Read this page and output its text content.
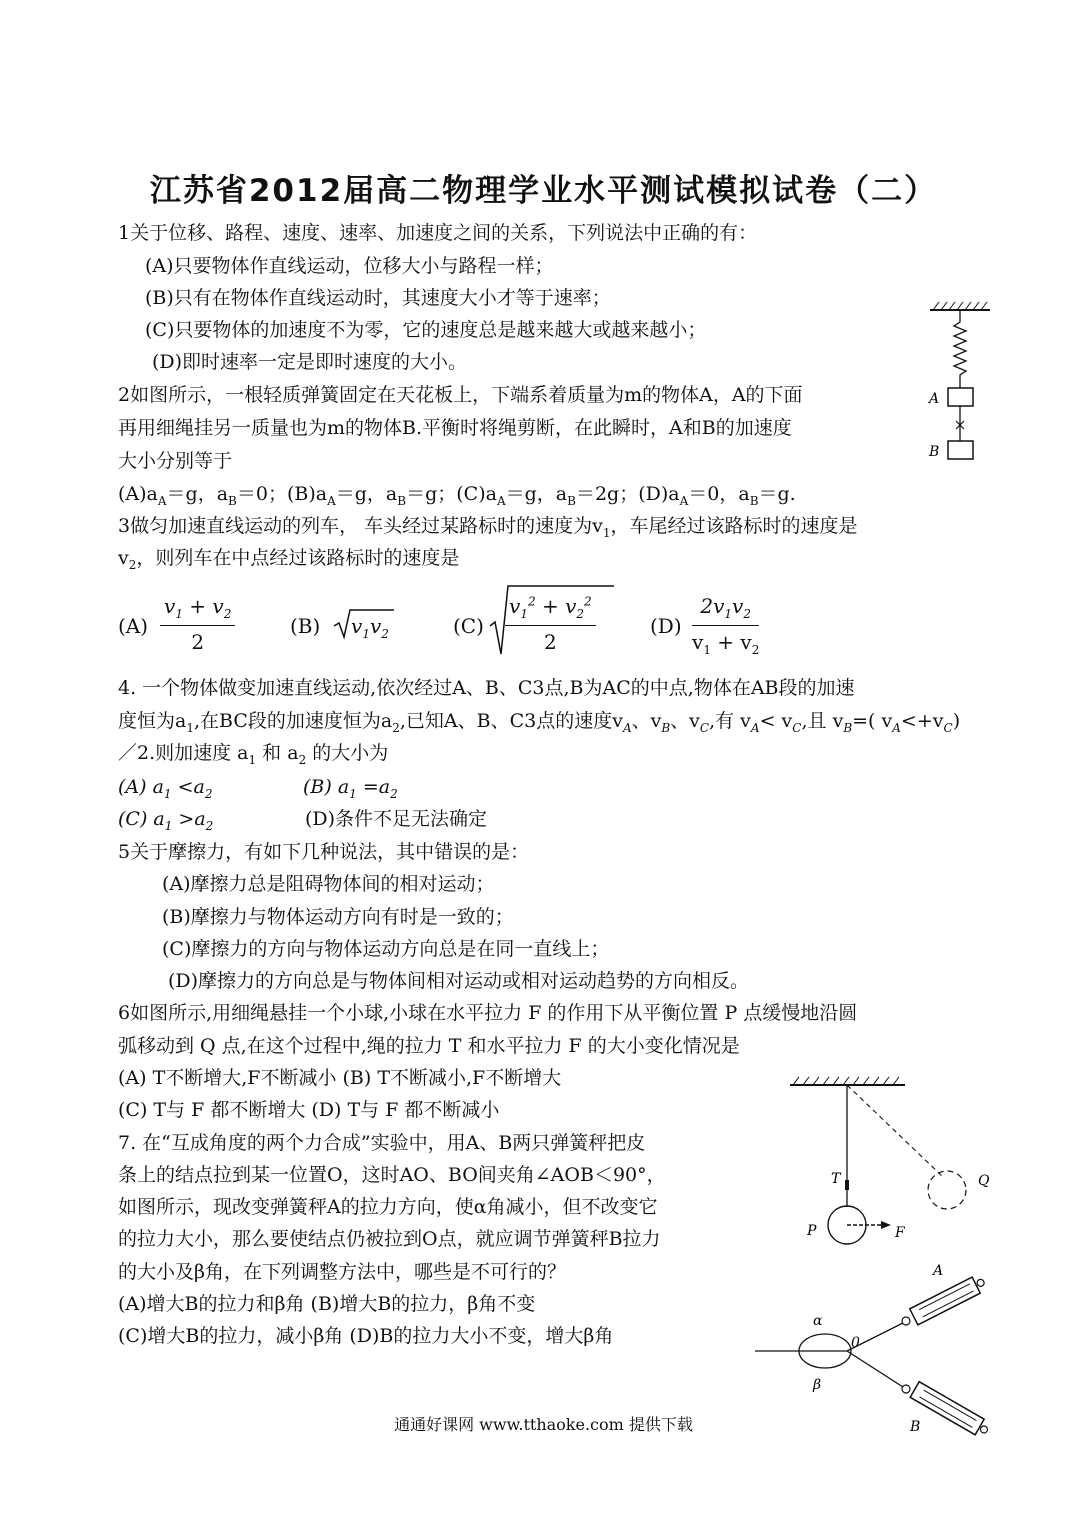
江苏省2012届高二物理学业水平测试模拟试卷（二）
1关于位移、路程、速度、速率、加速度之间的关系，下列说法中正确的有：
(A)只要物体作直线运动，位移大小与路程一样；
(B)只有在物体作直线运动时，其速度大小才等于速率；
(C)只要物体的加速度不为零，它的速度总是越来越大或越来越小；
(D)即时速率一定是即时速度的大小。
2如图所示，一根轻质弹簧固定在天花板上，下端系着质量为m的物体A，A的下面
再用细绳挂另一质量也为m的物体B.平衡时将绳剪断，在此瞬时，A和B的加速度
大小分别等于
$(A)a_A=g$，$a_B=0$；$(B)a_A=g$，$a_B=g$；$(C)a_A=g$，$a_B=2g$；$(D)a_A=0$，$a_B=g$.
A
B
3做匀加速直线运动的列车， 车头经过某路标时的速度为$v_1$，车尾经过该路标时的速度是
$v_2$，则列车在中点经过该路标时的速度是
$(A) \frac{v_1 + v_2}{2}$	(B) $v_1v_2$	$(C) \frac{v_1^2 + v_2^2}{2}$	$(D) \frac{2v_1v_2}{v_1 + v_2}$
4. 一个物体做变加速直线运动,依次经过A、B、C3点,B为AC的中点,物体在AB段的加速
度恒为$a_1$,在BC段的加速度恒为$a_2$,已知A、B、C3点的速度$v_A$、$v_B$、$v_C$,有 $v_A< v_C$,且 $v_B=$( $v_A<+v_C$)
／2.则加速度 $a_1$ 和 $a_2$ 的大小为
(A) $a_1 <a_2$	(B) $a_1 =a_2$
(C) $a_1 >a_2$	(D)条件不足无法确定
5关于摩擦力，有如下几种说法，其中错误的是：
(A)摩擦力总是阻碍物体间的相对运动；
(B)摩擦力与物体运动方向有时是一致的；
(C)摩擦力的方向与物体运动方向总是在同一直线上；
(D)摩擦力的方向总是与物体间相对运动或相对运动趋势的方向相反。
6如图所示,用细绳悬挂一个小球,小球在水平拉力 F 的作用下从平衡位置 P 点缓慢地沿圆
弧移动到 Q 点,在这个过程中,绳的拉力 T 和水平拉力 F 的大小变化情况是
(A) T不断增大,F不断减小 (B) T不断减小,F不断增大
(C) T与 F 都不断增大 (D) T与 F 都不断减小
T
P	F
Q
7. 在“互成角度的两个力合成”实验中，用A、B两只弹簧秤把皮
条上的结点拉到某一位置O，这时AO、BO间夹角∠AOB＜90°，
如图所示，现改变弹簧秤A的拉力方向，使α角减小，但不改变它
的拉力大小，那么要使结点仍被拉到O点，就应调节弹簧秤B拉力
的大小及β角，在下列调整方法中，哪些是不可行的？
(A)增大B的拉力和β角 (B)增大B的拉力，β角不变
(C)增大B的拉力，减小β角 (D)B的拉力大小不变，增大β角
α
β
0
A
B
通通好课网 www.tthaoke.com 提供下载
